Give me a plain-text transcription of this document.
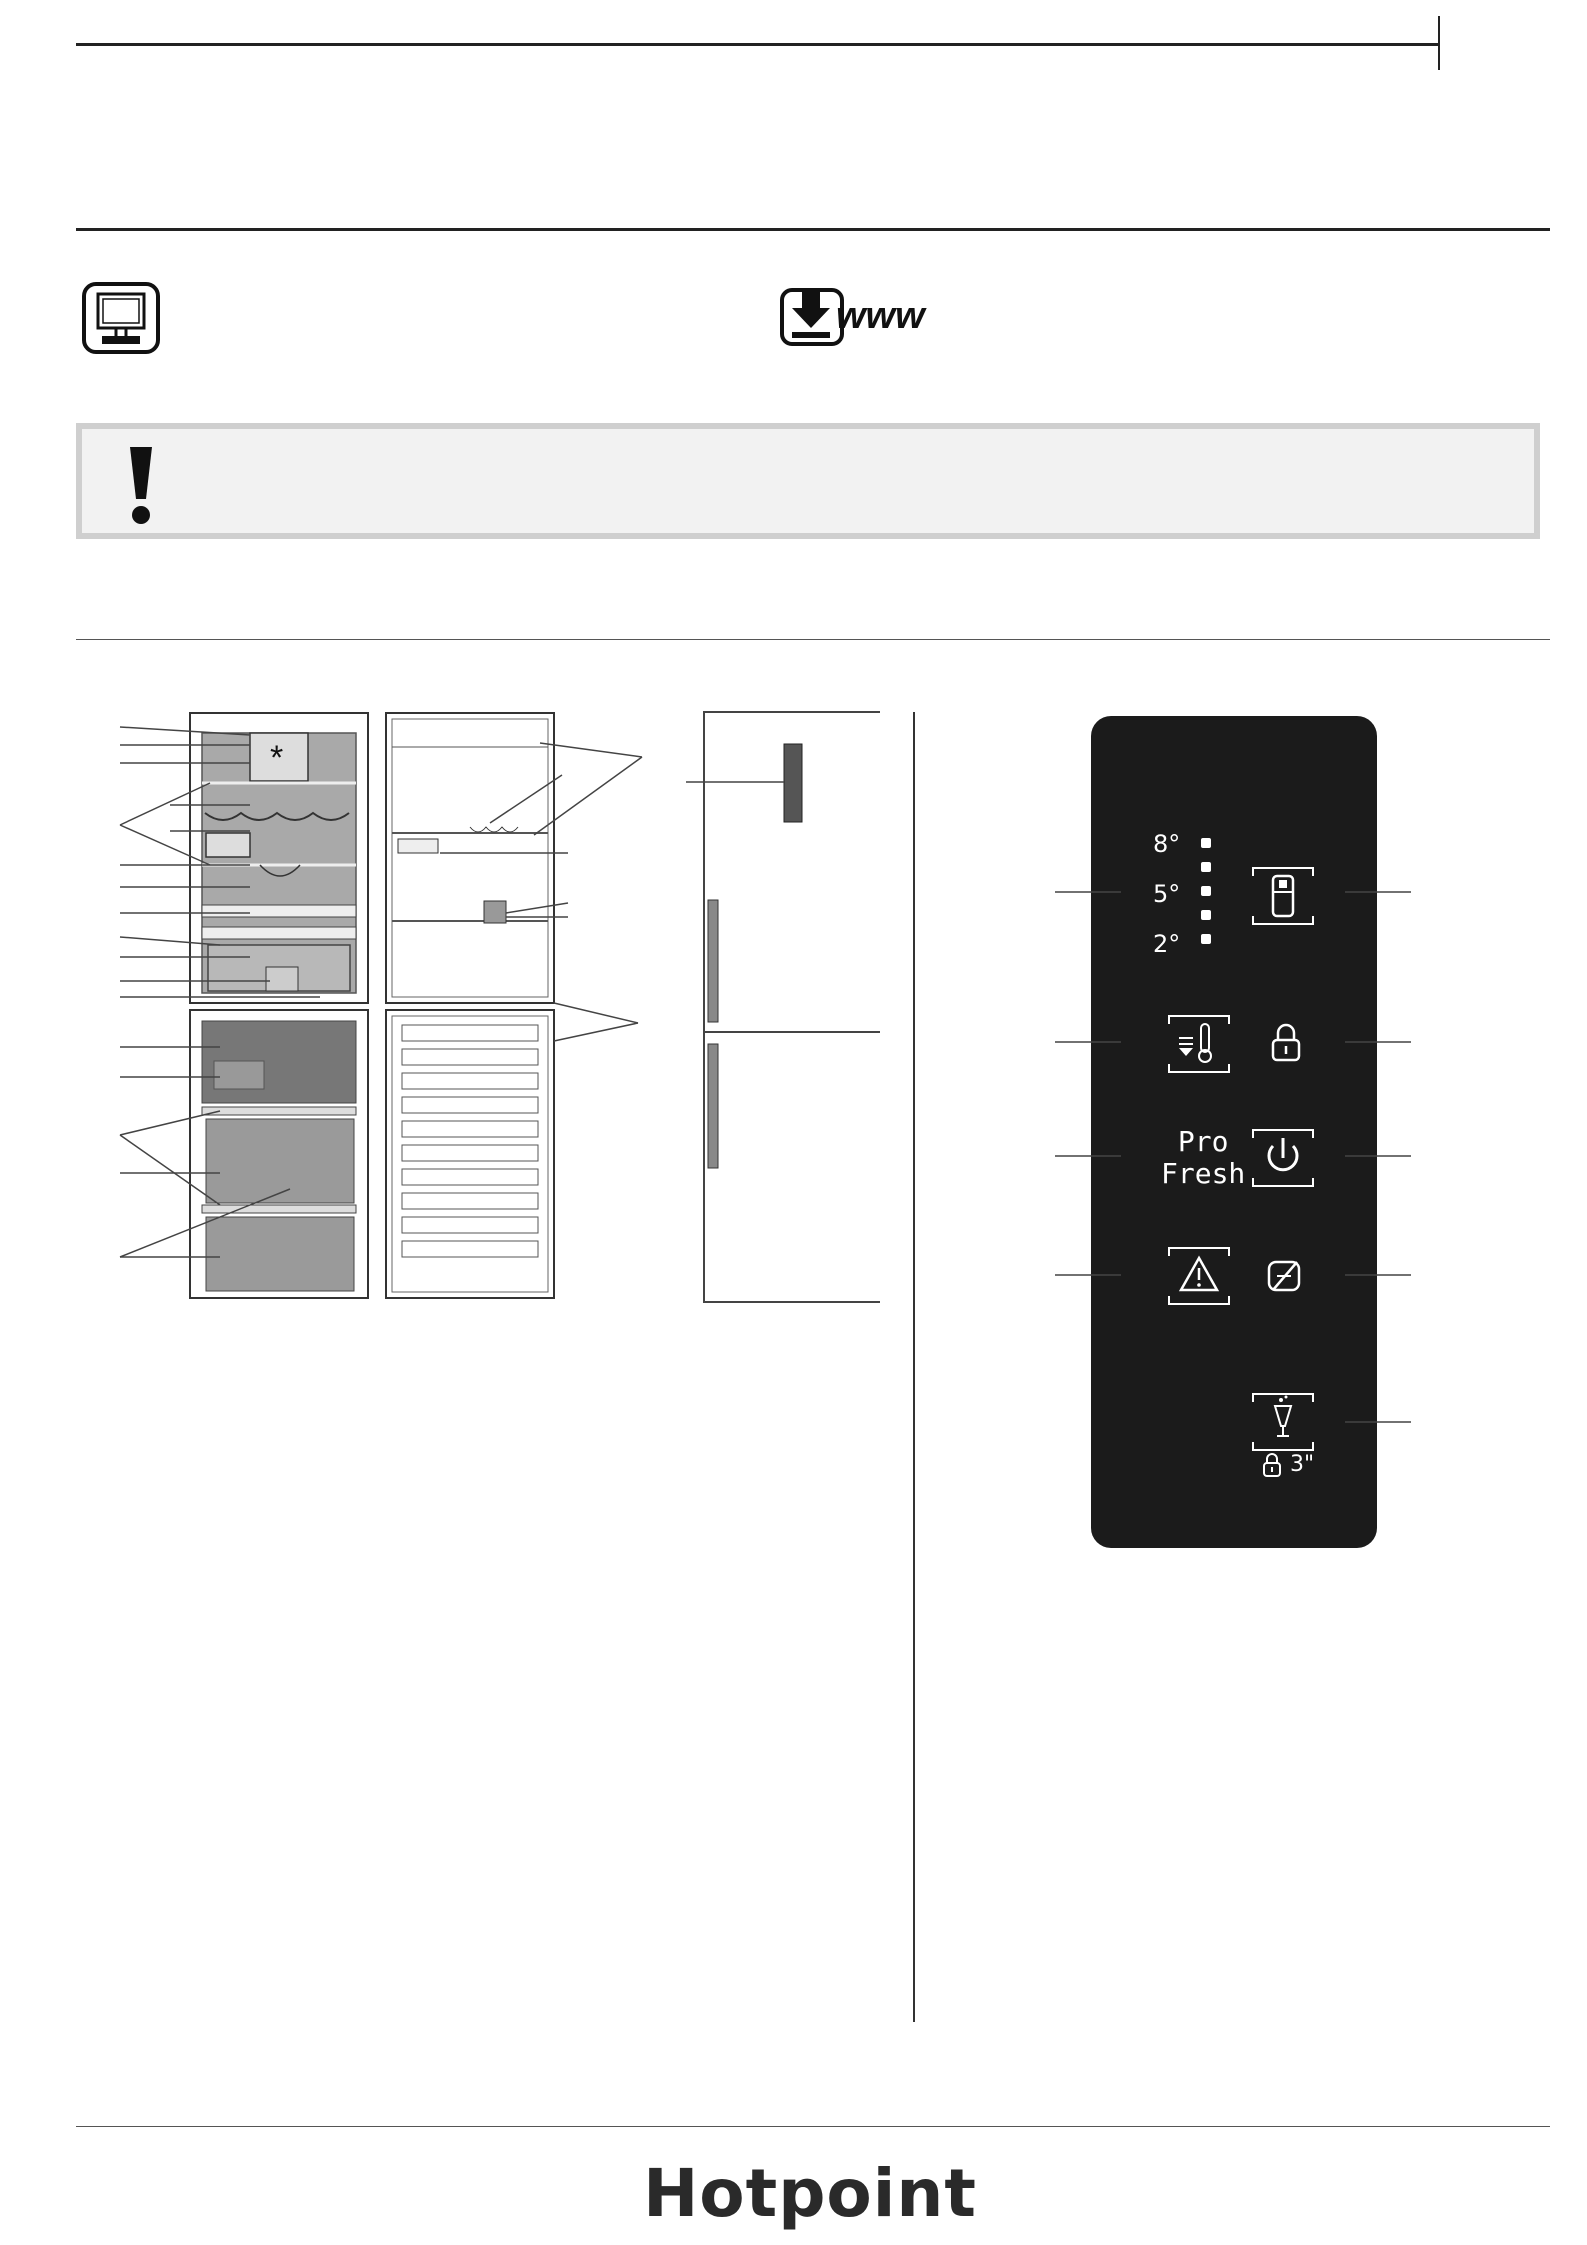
www
*
8°
5°
2°
Pro
Fresh
3"
Hotpoint
